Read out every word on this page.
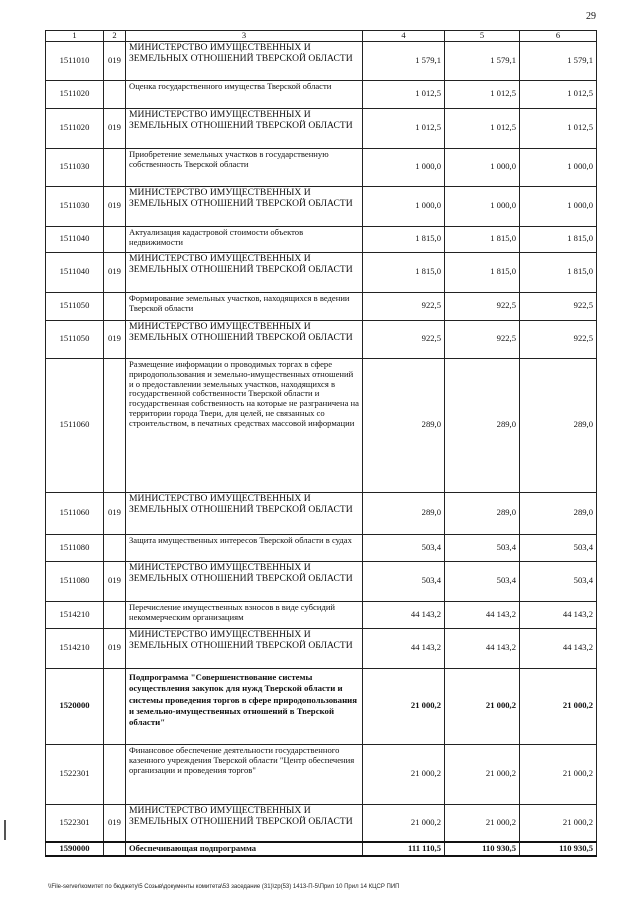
29
1	2	3	4	5	6
1511010	019	МИНИСТЕРСТВО ИМУЩЕСТВЕННЫХ И ЗЕМЕЛЬНЫХ ОТНОШЕНИЙ ТВЕРСКОЙ ОБЛАСТИ	1 579,1	1 579,1	1 579,1
1511020		Оценка государственного имущества Тверской области	1 012,5	1 012,5	1 012,5
1511020	019	МИНИСТЕРСТВО ИМУЩЕСТВЕННЫХ И ЗЕМЕЛЬНЫХ ОТНОШЕНИЙ ТВЕРСКОЙ ОБЛАСТИ	1 012,5	1 012,5	1 012,5
1511030		Приобретение земельных участков в государственную собственность Тверской области	1 000,0	1 000,0	1 000,0
1511030	019	МИНИСТЕРСТВО ИМУЩЕСТВЕННЫХ И ЗЕМЕЛЬНЫХ ОТНОШЕНИЙ ТВЕРСКОЙ ОБЛАСТИ	1 000,0	1 000,0	1 000,0
1511040		Актуализация кадастровой стоимости объектов недвижимости	1 815,0	1 815,0	1 815,0
1511040	019	МИНИСТЕРСТВО ИМУЩЕСТВЕННЫХ И ЗЕМЕЛЬНЫХ ОТНОШЕНИЙ ТВЕРСКОЙ ОБЛАСТИ	1 815,0	1 815,0	1 815,0
1511050		Формирование земельных участков, находящихся в ведении Тверской области	922,5	922,5	922,5
1511050	019	МИНИСТЕРСТВО ИМУЩЕСТВЕННЫХ И ЗЕМЕЛЬНЫХ ОТНОШЕНИЙ ТВЕРСКОЙ ОБЛАСТИ	922,5	922,5	922,5
1511060		Размещение информации о проводимых торгах в сфере природопользования и земельно-имущественных отношений и о предоставлении земельных участков, находящихся в государственной собственности Тверской области и государственная собственность на которые не разграничена на территории города Твери, для целей, не связанных со строительством, в печатных средствах массовой информации	289,0	289,0	289,0
1511060	019	МИНИСТЕРСТВО ИМУЩЕСТВЕННЫХ И ЗЕМЕЛЬНЫХ ОТНОШЕНИЙ ТВЕРСКОЙ ОБЛАСТИ	289,0	289,0	289,0
1511080		Защита имущественных интересов Тверской области в судах	503,4	503,4	503,4
1511080	019	МИНИСТЕРСТВО ИМУЩЕСТВЕННЫХ И ЗЕМЕЛЬНЫХ ОТНОШЕНИЙ ТВЕРСКОЙ ОБЛАСТИ	503,4	503,4	503,4
1514210		Перечисление имущественных взносов в виде субсидий некоммерческим организациям	44 143,2	44 143,2	44 143,2
1514210	019	МИНИСТЕРСТВО ИМУЩЕСТВЕННЫХ И ЗЕМЕЛЬНЫХ ОТНОШЕНИЙ ТВЕРСКОЙ ОБЛАСТИ	44 143,2	44 143,2	44 143,2
1520000		Подпрограмма "Совершенствование системы осуществления закупок для нужд Тверской области и системы проведения торгов в сфере природопользования и земельно-имущественных отношений в Тверской области"	21 000,2	21 000,2	21 000,2
1522301		Финансовое обеспечение деятельности государственного казенного учреждения Тверской области "Центр обеспечения организации и проведения торгов"	21 000,2	21 000,2	21 000,2
1522301	019	МИНИСТЕРСТВО ИМУЩЕСТВЕННЫХ И ЗЕМЕЛЬНЫХ ОТНОШЕНИЙ ТВЕРСКОЙ ОБЛАСТИ	21 000,2	21 000,2	21 000,2
1590000		Обеспечивающая подпрограмма	111 110,5	110 930,5	110 930,5
\\File-server\комитет по бюджету\5 Созыв\документы комитета\53 заседание (31)\zp(53) 1413-П-5\Прил 10 Прил 14 КЦСР ПИП
